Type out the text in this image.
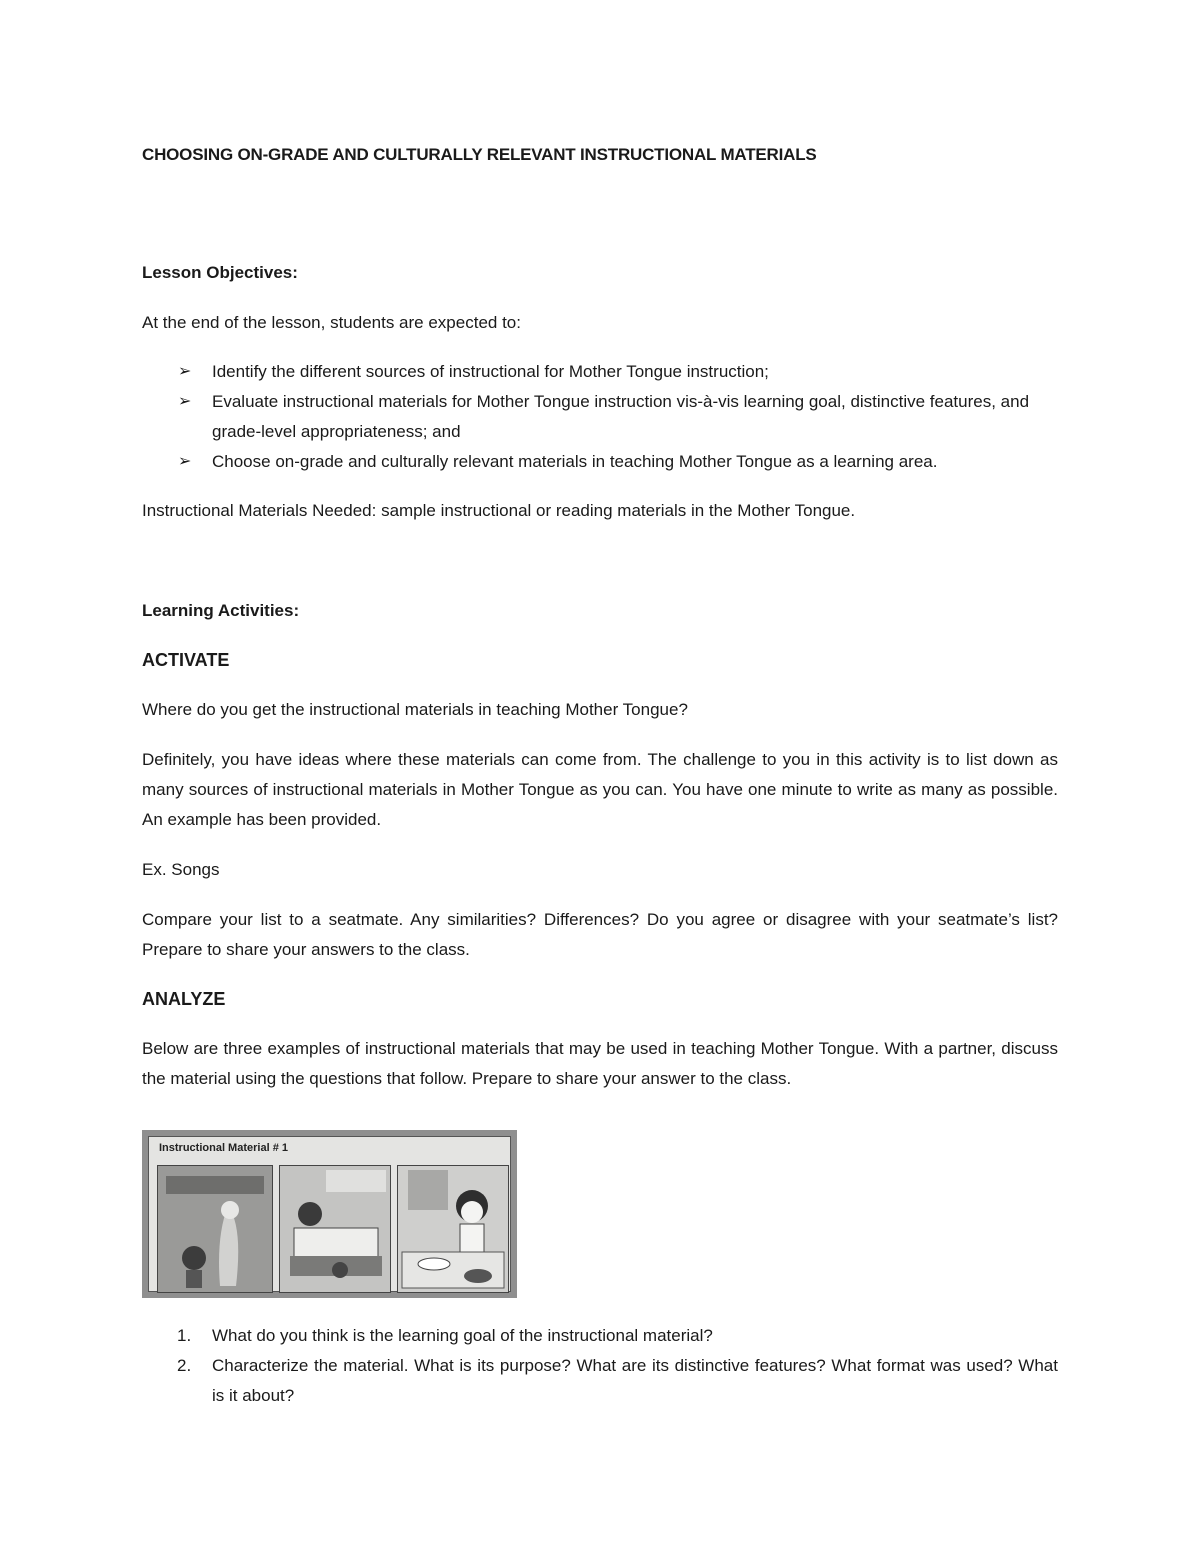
CHOOSING ON-GRADE AND CULTURALLY RELEVANT INSTRUCTIONAL MATERIALS

Lesson Objectives:

At the end of the lesson, students are expected to:

➢ Identify the different sources of instructional for Mother Tongue instruction;
➢ Evaluate instructional materials for Mother Tongue instruction vis-à-vis learning goal, distinctive features, and grade-level appropriateness; and
➢ Choose on-grade and culturally relevant materials in teaching Mother Tongue as a learning area.

Instructional Materials Needed: sample instructional or reading materials in the Mother Tongue.

Learning Activities:

ACTIVATE

Where do you get the instructional materials in teaching Mother Tongue?

Definitely, you have ideas where these materials can come from. The challenge to you in this activity is to list down as many sources of instructional materials in Mother Tongue as you can. You have one minute to write as many as possible. An example has been provided.

Ex. Songs

Compare your list to a seatmate. Any similarities? Differences? Do you agree or disagree with your seatmate’s list? Prepare to share your answers to the class.

ANALYZE

Below are three examples of instructional materials that may be used in teaching Mother Tongue. With a partner, discuss the material using the questions that follow. Prepare to share your answer to the class.

Instructional Material # 1
1. What do you think is the learning goal of the instructional material?
2. Characterize the material. What is its purpose? What are its distinctive features? What format was used? What is it about?
